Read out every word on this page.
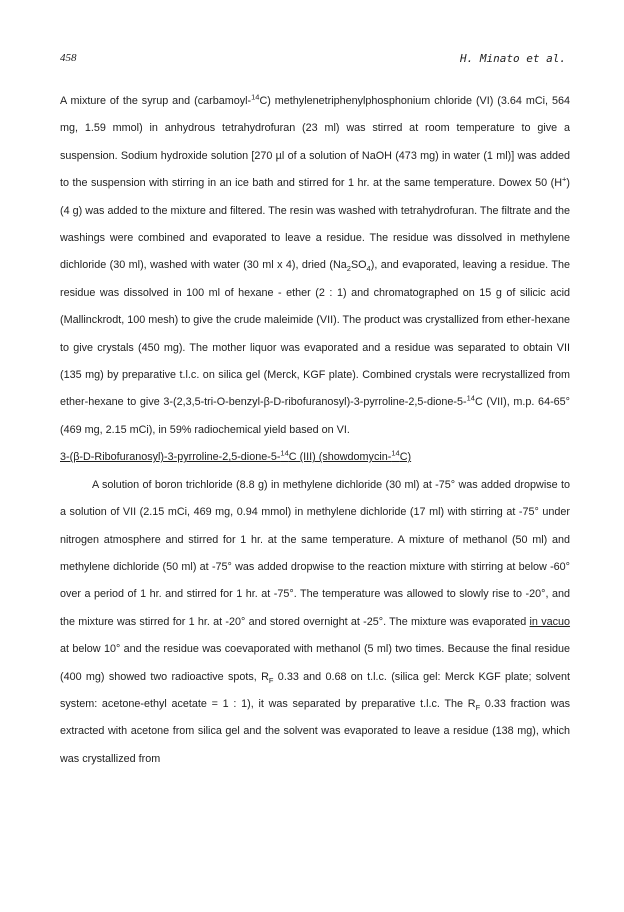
458	H. Minato et al.

A mixture of the syrup and (carbamoyl-$^{14}$C) methylenetriphenylphosphonium chloride (VI) (3.64 mCi, 564 mg, 1.59 mmol) in anhydrous tetrahydrofuran (23 ml) was stirred at room temperature to give a suspension. Sodium hydroxide solution [270 µl of a solution of NaOH (473 mg) in water (1 ml)] was added to the suspension with stirring in an ice bath and stirred for 1 hr. at the same temperature. Dowex 50 (H+) (4 g) was added to the mixture and filtered. The resin was washed with tetrahydrofuran. The filtrate and the washings were combined and evaporated to leave a residue. The residue was dissolved in methylene dichloride (30 ml), washed with water (30 ml x 4), dried $(Na_2SO_4)$, and evaporated, leaving a residue. The residue was dissolved in 100 ml of hexane - ether (2 : 1) and chromatographed on 15 g of silicic acid (Mallinckrodt, 100 mesh) to give the crude maleimide (VII). The product was crystallized from ether-hexane to give crystals (450 mg). The mother liquor was evaporated and a residue was separated to obtain VII (135 mg) by preparative t.l.c. on silica gel (Merck, KGF plate). Combined crystals were recrystallized from ether-hexane to give 3-(2,3,5-tri-O-benzyl-β-D-ribofuranosyl)-3-pyrroline-2,5-dione-5-$^{14}$C (VII), m.p. 64-65° (469 mg, 2.15 mCi), in 59% radiochemical yield based on VI.

3-(β-D-Ribofuranosyl)-3-pyrroline-2,5-dione-5-$^{14}$C (III) (showdomycin-$^{14}$C)

A solution of boron trichloride (8.8 g) in methylene dichloride (30 ml) at -75° was added dropwise to a solution of VII (2.15 mCi, 469 mg, 0.94 mmol) in methylene dichloride (17 ml) with stirring at -75° under nitrogen atmosphere and stirred for 1 hr. at the same temperature. A mixture of methanol (50 ml) and methylene dichloride (50 ml) at -75° was added dropwise to the reaction mixture with stirring at below -60° over a period of 1 hr. and stirred for 1 hr. at -75°. The temperature was allowed to slowly rise to -20°, and the mixture was stirred for 1 hr. at -20° and stored overnight at -25°. The mixture was evaporated in vacuo at below 10° and the residue was coevaporated with methanol (5 ml) two times. Because the final residue (400 mg) showed two radioactive spots, $R_F$ 0.33 and 0.68 on t.l.c. (silica gel: Merck KGF plate; solvent system: acetone-ethyl acetate = 1 : 1), it was separated by preparative t.l.c. The $R_F$ 0.33 fraction was extracted with acetone from silica gel and the solvent was evaporated to leave a residue (138 mg), which was crystallized from
